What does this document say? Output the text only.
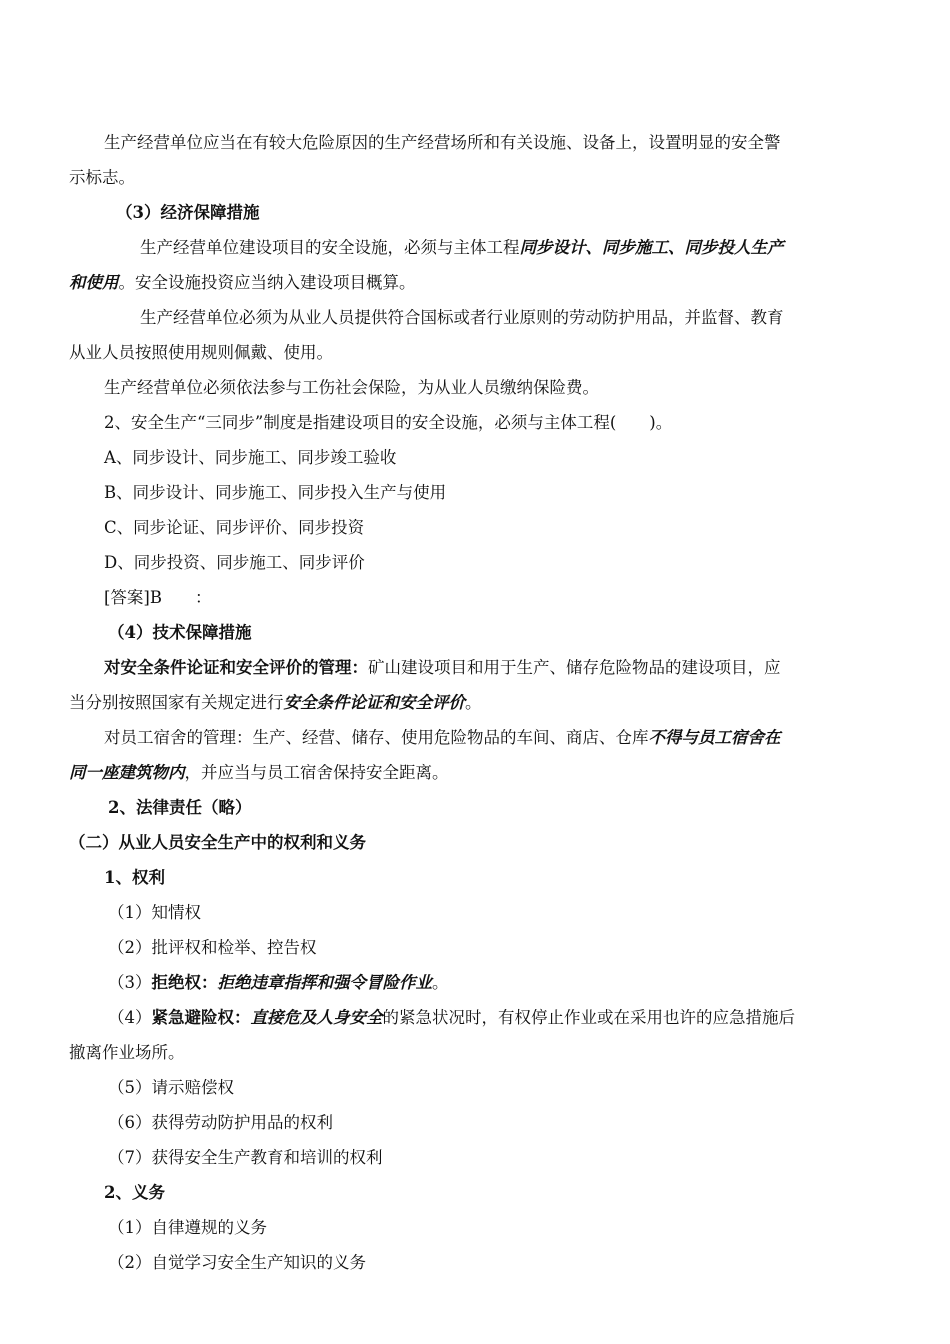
生产经营单位应当在有较大危险原因的生产经营场所和有关设施、设备上，设置明显的安全警
示标志。
（3）经济保障措施
生产经营单位建设项目的安全设施，必须与主体工程同步设计、同步施工、同步投人生产
和使用。安全设施投资应当纳入建设项目概算。
生产经营单位必须为从业人员提供符合国标或者行业原则的劳动防护用品，并监督、教育
从业人员按照使用规则佩戴、使用。
生产经营单位必须依法参与工伤社会保险，为从业人员缴纳保险费。
2、安全生产“三同步”制度是指建设项目的安全设施，必须与主体工程(　　)。
A、同步设计、同步施工、同步竣工验收
B、同步设计、同步施工、同步投入生产与使用
C、同步论证、同步评价、同步投资
D、同步投资、同步施工、同步评价
[答案]B　　：
（4）技术保障措施
对安全条件论证和安全评价的管理：矿山建设项目和用于生产、储存危险物品的建设项目，应
当分别按照国家有关规定进行安全条件论证和安全评价。
对员工宿舍的管理：生产、经营、储存、使用危险物品的车间、商店、仓库不得与员工宿舍在
同一座建筑物内，并应当与员工宿舍保持安全距离。
2、法律责任（略）
（二）从业人员安全生产中的权利和义务
1、权利
（1）知情权
（2）批评权和检举、控告权
（3）拒绝权：拒绝违章指挥和强令冒险作业。
（4）紧急避险权：直接危及人身安全的紧急状况时，有权停止作业或在采用也许的应急措施后
撤离作业场所。
（5）请示赔偿权
（6）获得劳动防护用品的权利
（7）获得安全生产教育和培训的权利
2、义务
（1）自律遵规的义务
（2）自觉学习安全生产知识的义务
